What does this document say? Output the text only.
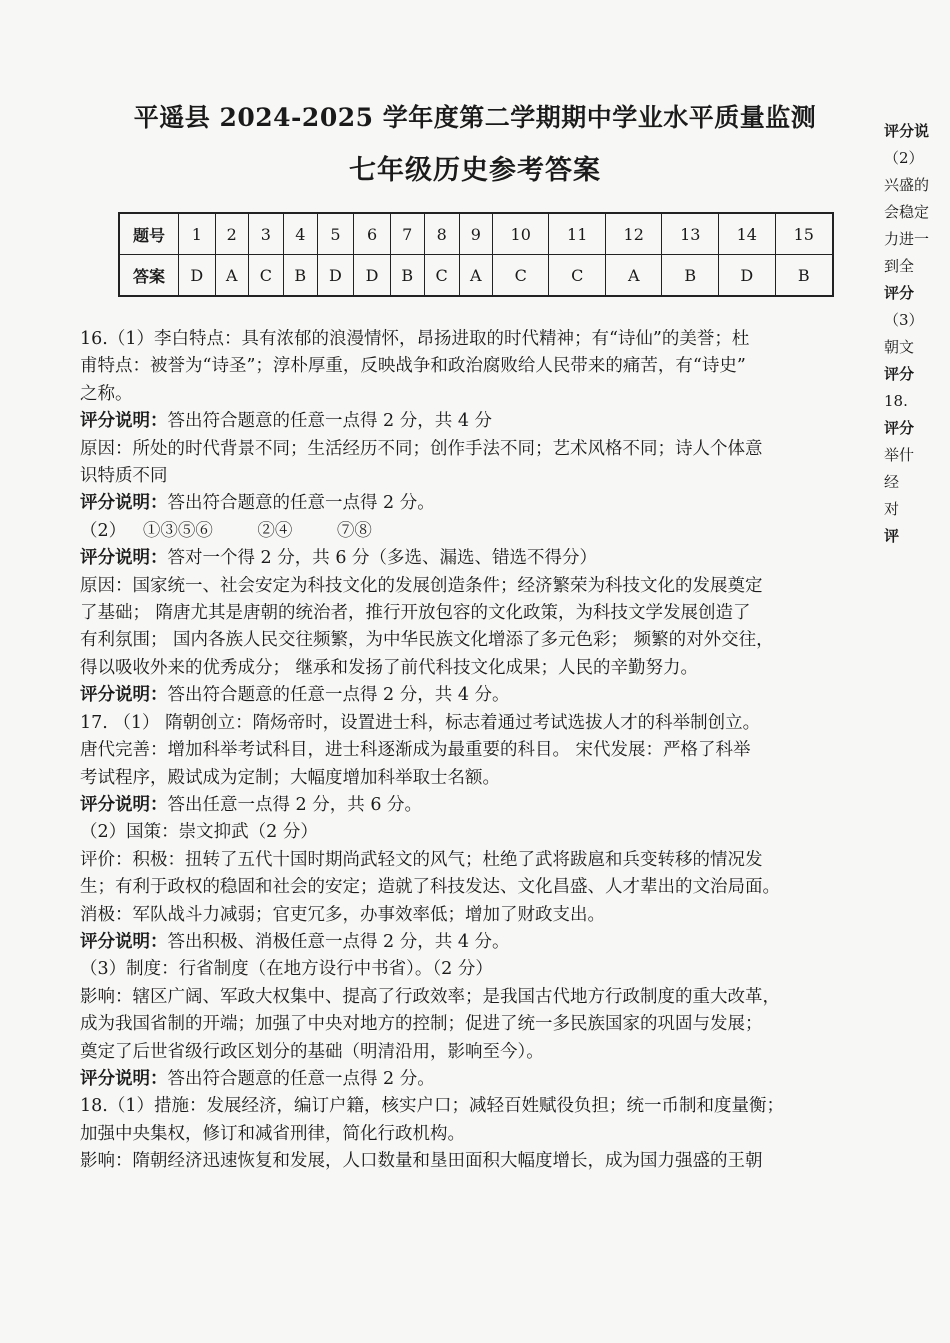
平遥县 2024-2025 学年度第二学期期中学业水平质量监测
七年级历史参考答案
题号	1	2	3	4	5	6	7	8	9	10	11	12	13	14	15
答案	D	A	C	B	D	D	B	C	A	C	C	A	B	D	B

16.（1）李白特点：具有浓郁的浪漫情怀，昂扬进取的时代精神；有“诗仙”的美誉；杜

甫特点：被誉为“诗圣”；淳朴厚重，反映战争和政治腐败给人民带来的痛苦，有“诗史”

之称。

评分说明：答出符合题意的任意一点得 2 分，共 4 分

原因：所处的时代背景不同；生活经历不同；创作手法不同；艺术风格不同；诗人个体意

识特质不同

评分说明：答出符合题意的任意一点得 2 分。

（2）   ①③⑤⑥        ②④        ⑦⑧

评分说明：答对一个得 2 分，共 6 分（多选、漏选、错选不得分）

原因：国家统一、社会安定为科技文化的发展创造条件；经济繁荣为科技文化的发展奠定

了基础； 隋唐尤其是唐朝的统治者，推行开放包容的文化政策，为科技文学发展创造了

有利氛围； 国内各族人民交往频繁，为中华民族文化增添了多元色彩； 频繁的对外交往，

得以吸收外来的优秀成分； 继承和发扬了前代科技文化成果；人民的辛勤努力。

评分说明：答出符合题意的任意一点得 2 分，共 4 分。

17. （1） 隋朝创立：隋炀帝时，设置进士科，标志着通过考试选拔人才的科举制创立。

唐代完善：增加科举考试科目，进士科逐渐成为最重要的科目。 宋代发展：严格了科举

考试程序，殿试成为定制；大幅度增加科举取士名额。

评分说明：答出任意一点得 2 分，共 6 分。

（2）国策：崇文抑武（2 分）

评价：积极：扭转了五代十国时期尚武轻文的风气；杜绝了武将跋扈和兵变转移的情况发

生；有利于政权的稳固和社会的安定；造就了科技发达、文化昌盛、人才辈出的文治局面。

消极：军队战斗力减弱；官吏冗多，办事效率低；增加了财政支出。

评分说明：答出积极、消极任意一点得 2 分，共 4 分。

（3）制度：行省制度（在地方设行中书省）。（2 分）

影响：辖区广阔、军政大权集中、提高了行政效率；是我国古代地方行政制度的重大改革，

成为我国省制的开端；加强了中央对地方的控制；促进了统一多民族国家的巩固与发展；

奠定了后世省级行政区划分的基础（明清沿用，影响至今）。

评分说明：答出符合题意的任意一点得 2 分。

18.（1）措施：发展经济，编订户籍，核实户口；减轻百姓赋役负担；统一币制和度量衡；

加强中央集权，修订和减省刑律，简化行政机构。

影响：隋朝经济迅速恢复和发展，人口数量和垦田面积大幅度增长，成为国力强盛的王朝

评分说
（2）
兴盛的
会稳定
力进一
到全
评分
（3）
朝文
评分
18.
评分
举什
经
对
评
